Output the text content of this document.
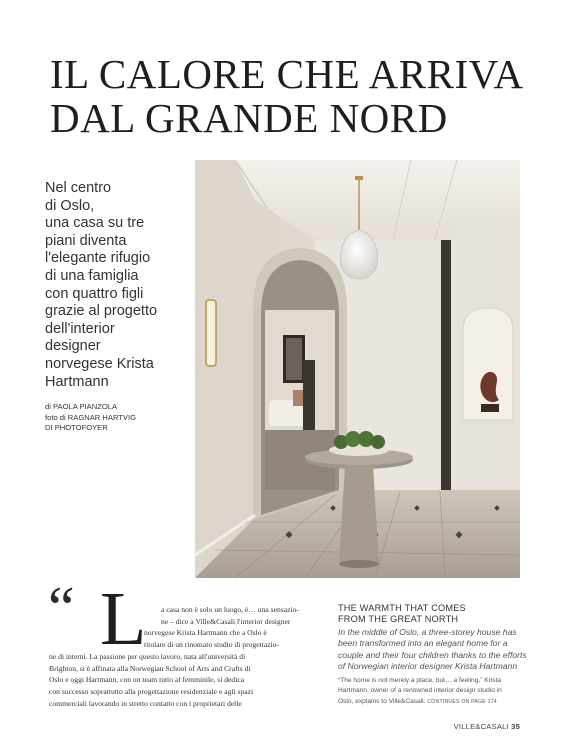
IL CALORE CHE ARRIVA
DAL GRANDE NORD
Nel centro
di Oslo,
una casa su tre
piani diventa
l'elegante rifugio
di una famiglia
con quattro figli
grazie al progetto
dell'interior
designer
norvegese Krista
Hartmann
di PAOLA PIANZOLA
foto di RAGNAR HARTVIG
DI PHOTOFOYER
“ L	a casa non è solo un luogo, è… una sensazio-
ne – dice a Ville&Casali l'interior designer
norvegese Krista Hartmann che a Oslo è
titolare di un rinomato studio di progettazio-
ne di interni. La passione per questo lavoro, nata all'università di
Brighton, si è affinata alla Norwegian School of Arts and Crafts di
Oslo e oggi Hartmann, con un team tutto al femminile, si dedica
con successo soprattutto alla progettazione residenziale e agli spazi
commerciali lavorando in stretto contatto con i proprietari delle
THE WARMTH THAT COMES
FROM THE GREAT NORTH
In the middle of Oslo, a three-storey house has
been transformed into an elegant home for a
couple and their four children thanks to the efforts
of Norwegian interior designer Krista Hartmann
“The home is not merely a place, but… a feeling,” Krista
Hartmann, owner of a renowned interior design studio in
Oslo, explains to Ville&Casali. CONTINUES ON PAGE 174
VILLE&CASALI 35
